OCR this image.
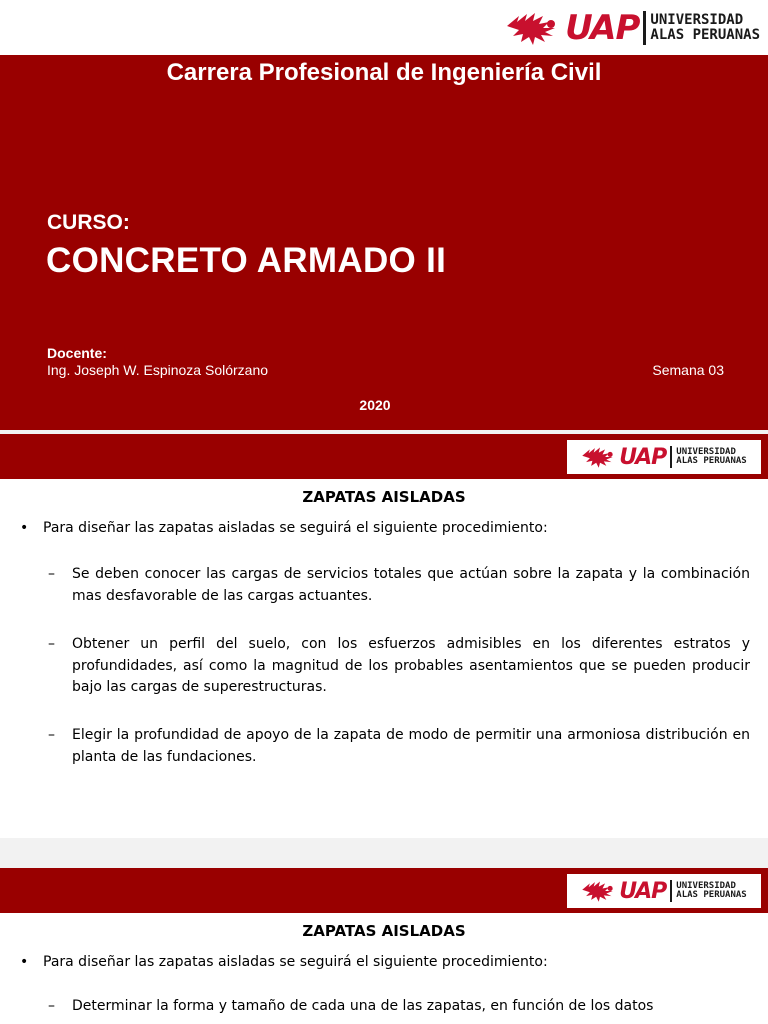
UAP UNIVERSIDAD
ALAS PERUANAS
Carrera Profesional de Ingeniería Civil
CURSO:
CONCRETO ARMADO II
Docente:
Ing. Joseph W. Espinoza Solórzano	Semana 03
2020
UAP UNIVERSIDAD
ALAS PERUANAS
ZAPATAS AISLADAS
•	Para diseñar las zapatas aisladas se seguirá el siguiente procedimiento:
–	Se deben conocer las cargas de servicios totales que actúan sobre la zapata y la combinación mas desfavorable de las cargas actuantes.
–	Obtener un perfil del suelo, con los esfuerzos admisibles en los diferentes estratos y profundidades, así como la magnitud de los probables asentamientos que se pueden producir bajo las cargas de superestructuras.
–	Elegir la profundidad de apoyo de la zapata de modo de permitir una armoniosa distribución en planta de las fundaciones.
UAP UNIVERSIDAD
ALAS PERUANAS
ZAPATAS AISLADAS
•	Para diseñar las zapatas aisladas se seguirá el siguiente procedimiento:
–	Determinar la forma y tamaño de cada una de las zapatas, en función de los datos
